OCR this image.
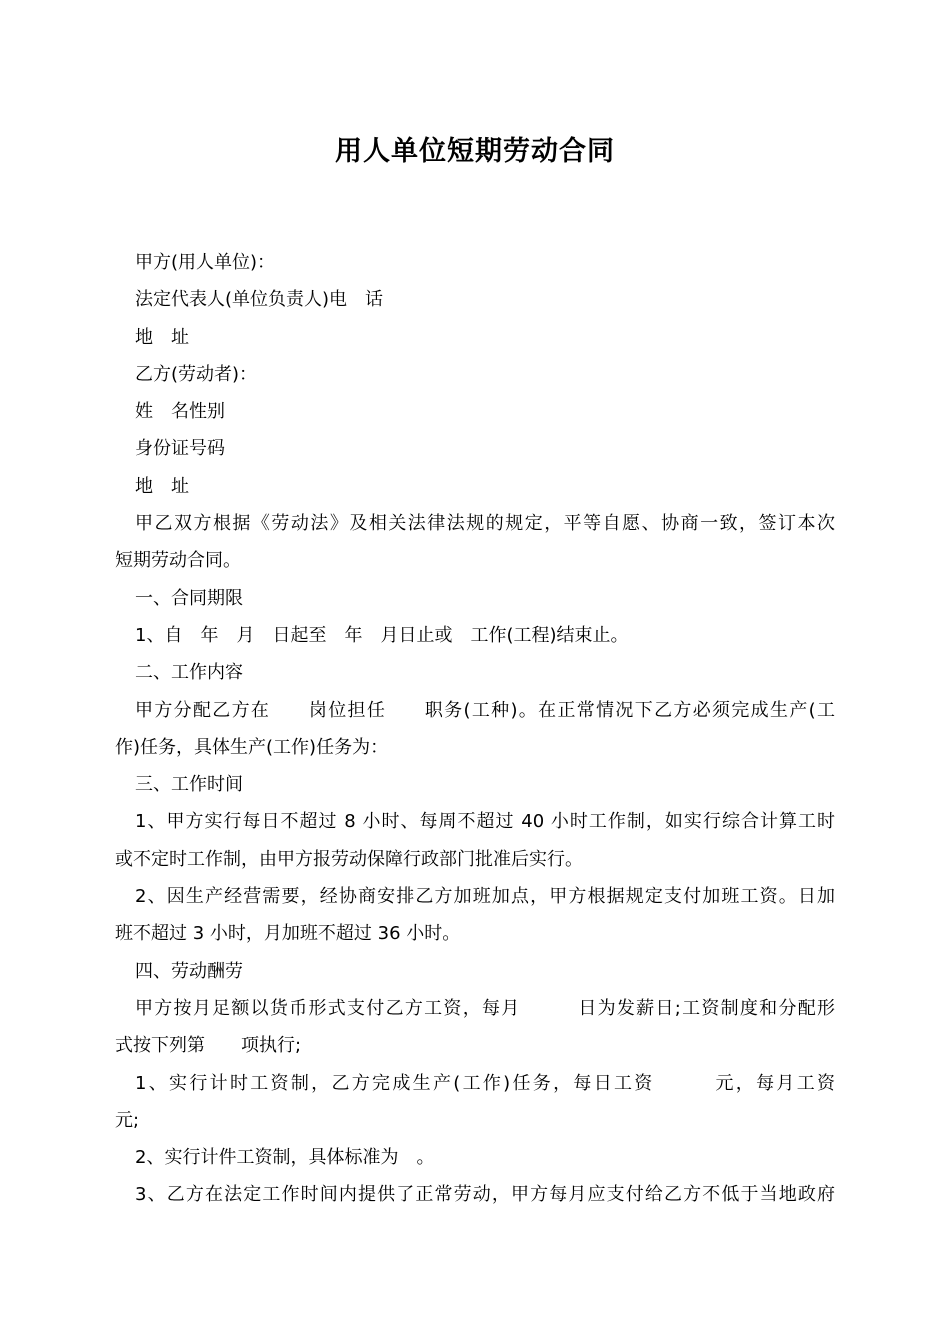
用人单位短期劳动合同
甲方(用人单位)：
法定代表人(单位负责人)电　话
地　址
乙方(劳动者)：
姓　名性别
身份证号码
地　址
甲乙双方根据《劳动法》及相关法律法规的规定，平等自愿、协商一致，签订本次
短期劳动合同。
一、合同期限
1、自　年　月　日起至　年　月日止或　工作(工程)结束止。
二、工作内容
甲方分配乙方在　　岗位担任　　职务(工种)。在正常情况下乙方必须完成生产(工
作)任务，具体生产(工作)任务为：
三、工作时间
1、甲方实行每日不超过 8 小时、每周不超过 40 小时工作制，如实行综合计算工时
或不定时工作制，由甲方报劳动保障行政部门批准后实行。
2、因生产经营需要，经协商安排乙方加班加点，甲方根据规定支付加班工资。日加
班不超过 3 小时，月加班不超过 36 小时。
四、劳动酬劳
甲方按月足额以货币形式支付乙方工资，每月　　　日为发薪日;工资制度和分配形
式按下列第　　项执行;
1、实行计时工资制，乙方完成生产(工作)任务，每日工资　　　元，每月工资
元;
2、实行计件工资制，具体标准为　。
3、乙方在法定工作时间内提供了正常劳动，甲方每月应支付给乙方不低于当地政府
